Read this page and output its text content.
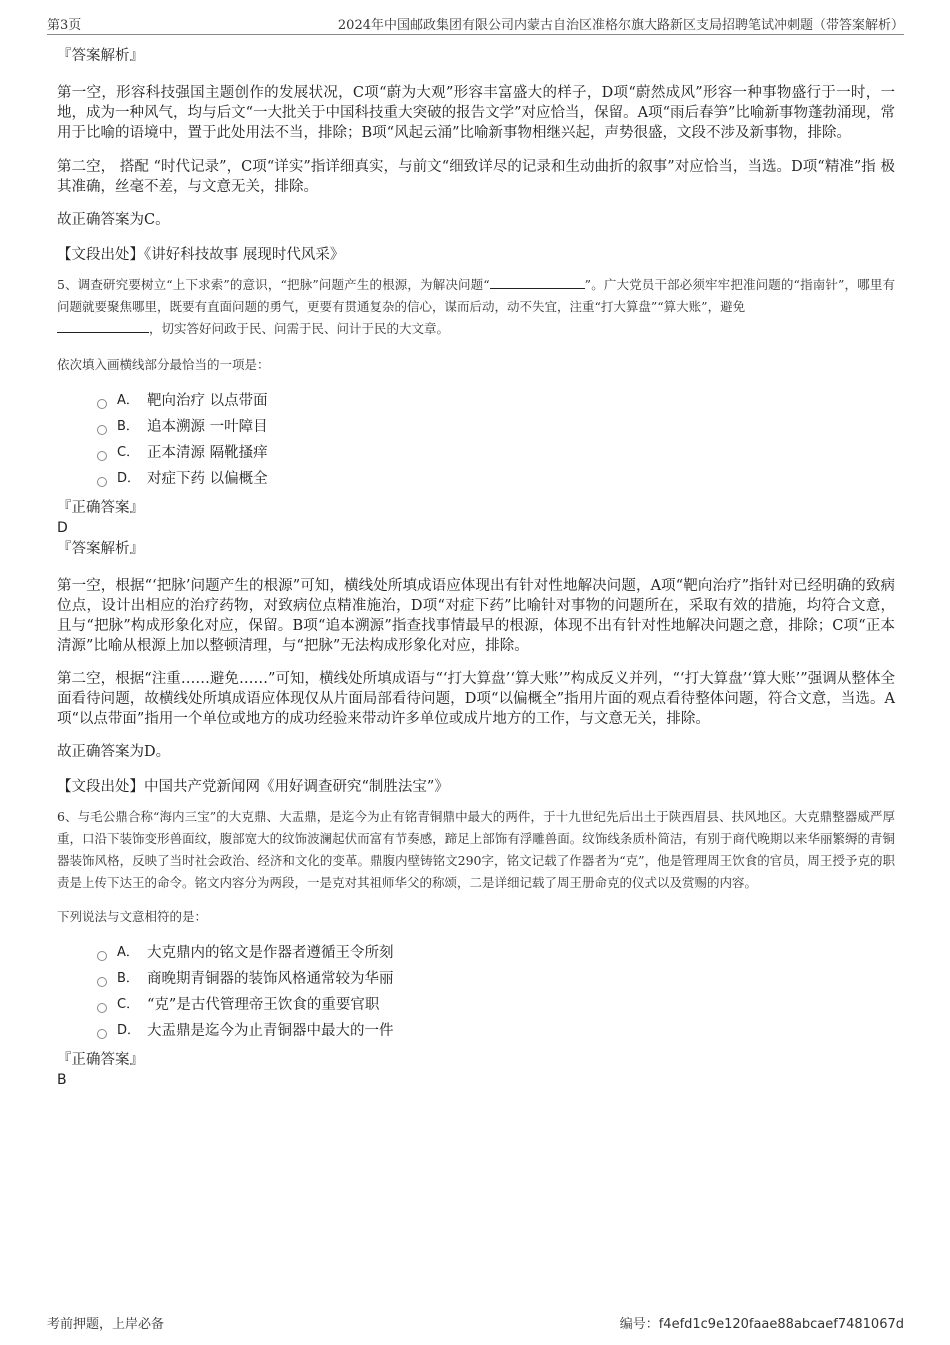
第3页	2024年中国邮政集团有限公司内蒙古自治区准格尔旗大路新区支局招聘笔试冲刺题（带答案解析）

『答案解析』

第一空，形容科技强国主题创作的发展状况，C项“蔚为大观”形容丰富盛大的样子，D项“蔚然成风”形容一种事物盛行于一时，一地，成为一种风气，均与后文“一大批关于中国科技重大突破的报告文学”对应恰当，保留。A项“雨后春笋”比喻新事物蓬勃涌现，常用于比喻的语境中，置于此处用法不当，排除；B项“风起云涌”比喻新事物相继兴起，声势很盛，文段不涉及新事物，排除。

第二空， 搭配 “时代记录”，C项“详实”指详细真实，与前文“细致详尽的记录和生动曲折的叙事”对应恰当，当选。D项“精准”指 极其准确，丝毫不差，与文意无关，排除。

故正确答案为C。

【文段出处】《讲好科技故事 展现时代风采》

5、调查研究要树立“上下求索”的意识，“把脉”问题产生的根源，为解决问题“	”。广大党员干部必须牢牢把准问题的“指南针”，哪里有问题就要聚焦哪里，既要有直面问题的勇气，更要有贯通复杂的信心，谋而后动，动不失宜，注重“打大算盘”“算大账”，避免
，切实答好问政于民、问需于民、问计于民的大文章。

依次填入画横线部分最恰当的一项是：

A． 靶向治疗 以点带面
B． 追本溯源 一叶障目
C． 正本清源 隔靴搔痒
D． 对症下药 以偏概全

『正确答案』

D

『答案解析』

第一空，根据“‘把脉’问题产生的根源”可知，横线处所填成语应体现出有针对性地解决问题，A项“靶向治疗”指针对已经明确的致病位点，设计出相应的治疗药物，对致病位点精准施治，D项“对症下药”比喻针对事物的问题所在，采取有效的措施，均符合文意，且与“把脉”构成形象化对应，保留。B项“追本溯源”指查找事情最早的根源，体现不出有针对性地解决问题之意，排除；C项“正本清源”比喻从根源上加以整顿清理，与“把脉”无法构成形象化对应，排除。

第二空，根据“注重……避免……”可知，横线处所填成语与“‘打大算盘’‘算大账’”构成反义并列，“‘打大算盘’‘算大账’”强调从整体全面看待问题，故横线处所填成语应体现仅从片面局部看待问题，D项“以偏概全”指用片面的观点看待整体问题，符合文意，当选。A项“以点带面”指用一个单位或地方的成功经验来带动许多单位或成片地方的工作，与文意无关，排除。

故正确答案为D。

【文段出处】中国共产党新闻网《用好调查研究“制胜法宝”》

6、与毛公鼎合称“海内三宝”的大克鼎、大盂鼎，是迄今为止有铭青铜鼎中最大的两件，于十九世纪先后出土于陕西眉县、扶风地区。大克鼎整器威严厚重，口沿下装饰变形兽面纹，腹部宽大的纹饰波澜起伏而富有节奏感，蹄足上部饰有浮雕兽面。纹饰线条质朴简洁，有别于商代晚期以来华丽繁缛的青铜器装饰风格，反映了当时社会政治、经济和文化的变革。鼎腹内壁铸铭文290字，铭文记载了作器者为“克”，他是管理周王饮食的官员，周王授予克的职责是上传下达王的命令。铭文内容分为两段，一是克对其祖师华父的称颂，二是详细记载了周王册命克的仪式以及赏赐的内容。

下列说法与文意相符的是：

A． 大克鼎内的铭文是作器者遵循王令所刻
B． 商晚期青铜器的装饰风格通常较为华丽
C． “克”是古代管理帝王饮食的重要官职
D． 大盂鼎是迄今为止青铜器中最大的一件

『正确答案』

B

考前押题，上岸必备	编号：f4efd1c9e120faae88abcaef7481067d
